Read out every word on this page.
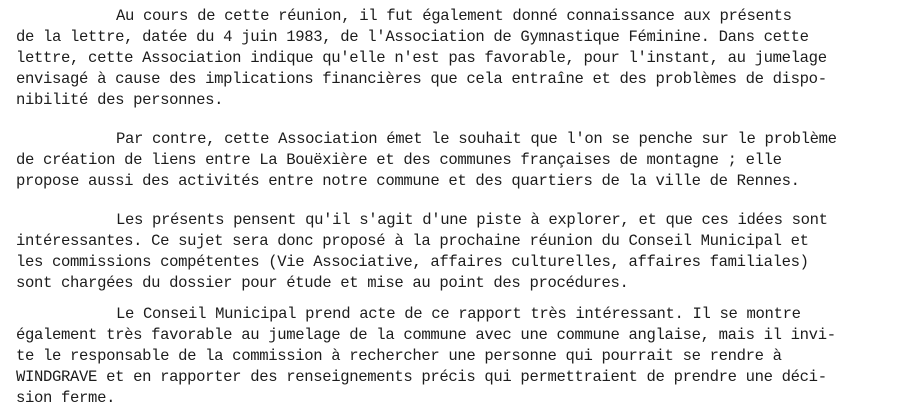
Au cours de cette réunion, il fut également donné connaissance aux présents
de la lettre, datée du 4 juin 1983, de l'Association de Gymnastique Féminine. Dans cette
lettre, cette Association indique qu'elle n'est pas favorable, pour l'instant, au jumelage
envisagé à cause des implications financières que cela entraîne et des problèmes de dispo-
nibilité des personnes.
Par contre, cette Association émet le souhait que l'on se penche sur le problème
de création de liens entre La Bouëxière et des communes françaises de montagne ; elle
propose aussi des activités entre notre commune et des quartiers de la ville de Rennes.
Les présents pensent qu'il s'agit d'une piste à explorer, et que ces idées sont
intéressantes. Ce sujet sera donc proposé à la prochaine réunion du Conseil Municipal et
les commissions compétentes (Vie Associative, affaires culturelles, affaires familiales)
sont chargées du dossier pour étude et mise au point des procédures.
Le Conseil Municipal prend acte de ce rapport très intéressant. Il se montre
également très favorable au jumelage de la commune avec une commune anglaise, mais il invi-
te le responsable de la commission à rechercher une personne qui pourrait se rendre à
WINDGRAVE et en rapporter des renseignements précis qui permettraient de prendre une déci-
sion ferme.
